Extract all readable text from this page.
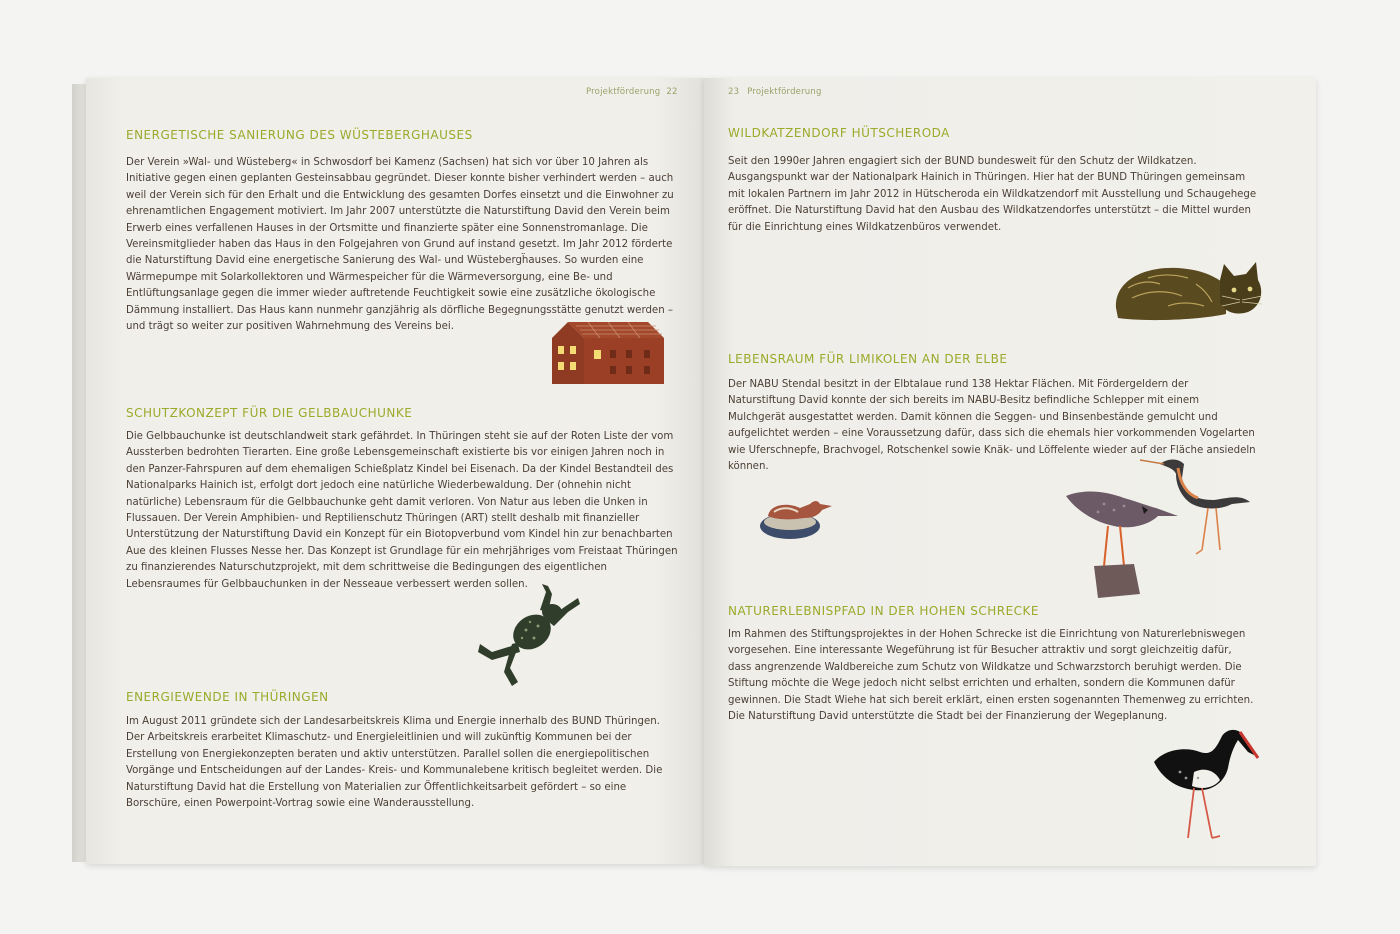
Projektförderung 22
ENERGETISCHE SANIERUNG DES WÜSTEBERGHAUSES

Der Verein »Wal- und Wüsteberg« in Schwosdorf bei Kamenz (Sachsen) hat sich vor über 10 Jahren als Initiative gegen einen geplanten Gesteinsabbau gegründet. Dieser konnte bisher verhindert werden – auch weil der Verein sich für den Erhalt und die Entwicklung des gesamten Dorfes einsetzt und die Einwohner zu ehrenamtlichen Engagement motiviert. Im Jahr 2007 unterstützte die Naturstiftung David den Verein beim Erwerb eines verfallenen Hauses in der Ortsmitte und finanzierte später eine Sonnenstromanlage. Die Vereinsmitglieder haben das Haus in den Folgejahren von Grund auf instand gesetzt. Im Jahr 2012 förderte die Naturstiftung David eine energetische Sanierung des Wal- und Wüstebergḧauses. So wurden eine Wärmepumpe mit Solarkollektoren und Wärmespeicher für die Wärmeversorgung, eine Be- und Entlüftungsanlage gegen die immer wieder auftretende Feuchtigkeit sowie eine zusätzliche ökologische Dämmung installiert. Das Haus kann nunmehr ganzjährig als dörfliche Begegnungsstätte genutzt werden – und trägt so weiter zur positiven Wahrnehmung des Vereins bei.

SCHUTZKONZEPT FÜR DIE GELBBAUCHUNKE

Die Gelbbauchunke ist deutschlandweit stark gefährdet. In Thüringen steht sie auf der Roten Liste der vom Aussterben bedrohten Tierarten. Eine große Lebensgemeinschaft existierte bis vor einigen Jahren noch in den Panzer-Fahrspuren auf dem ehemaligen Schießplatz Kindel bei Eisenach. Da der Kindel Bestandteil des Nationalparks Hainich ist, erfolgt dort jedoch eine natürliche Wiederbewaldung. Der (ohnehin nicht natürliche) Lebensraum für die Gelbbauchunke geht damit verloren. Von Natur aus leben die Unken in Flussauen. Der Verein Amphibien- und Reptilienschutz Thüringen (ART) stellt deshalb mit finanzieller Unterstützung der Naturstiftung David ein Konzept für ein Biotopverbund vom Kindel hin zur benachbarten Aue des kleinen Flusses Nesse her. Das Konzept ist Grundlage für ein mehrjähriges vom Freistaat Thüringen zu finanzierendes Naturschutzprojekt, mit dem schrittweise die Bedingungen des eigentlichen Lebensraumes für Gelbbauchunken in der Nesseaue verbessert werden sollen.

ENERGIEWENDE IN THÜRINGEN

Im August 2011 gründete sich der Landesarbeitskreis Klima und Energie innerhalb des BUND Thüringen. Der Arbeitskreis erarbeitet Klimaschutz- und Energieleitlinien und will zukünftig Kommunen bei der Erstellung von Energiekonzepten beraten und aktiv unterstützen. Parallel sollen die energiepolitischen Vorgänge und Entscheidungen auf der Landes- Kreis- und Kommunalebene kritisch begleitet werden. Die Naturstiftung David hat die Erstellung von Materialien zur Öffentlichkeitsarbeit gefördert – so eine Borschüre, einen Powerpoint-Vortrag sowie eine Wanderausstellung.

23 Projektförderung
WILDKATZENDORF HÜTSCHERODA

Seit den 1990er Jahren engagiert sich der BUND bundesweit für den Schutz der Wildkatzen. Ausgangspunkt war der Nationalpark Hainich in Thüringen. Hier hat der BUND Thüringen gemeinsam mit lokalen Partnern im Jahr 2012 in Hütscheroda ein Wildkatzendorf mit Ausstellung und Schaugehege eröffnet. Die Naturstiftung David hat den Ausbau des Wildkatzendorfes unterstützt – die Mittel wurden für die Einrichtung eines Wildkatzenbüros verwendet.

LEBENSRAUM FÜR LIMIKOLEN AN DER ELBE

Der NABU Stendal besitzt in der Elbtalaue rund 138 Hektar Flächen. Mit Fördergeldern der Naturstiftung David konnte der sich bereits im NABU-Besitz befindliche Schlepper mit einem Mulchgerät ausgestattet werden. Damit können die Seggen- und Binsenbestände gemulcht und aufgelichtet werden – eine Voraussetzung dafür, dass sich die ehemals hier vorkommenden Vogelarten wie Uferschnepfe, Brachvogel, Rotschenkel sowie Knäk- und Löffelente wieder auf der Fläche ansiedeln können.

NATURERLEBNISPFAD IN DER HOHEN SCHRECKE

Im Rahmen des Stiftungsprojektes in der Hohen Schrecke ist die Einrichtung von Naturerlebniswegen vorgesehen. Eine interessante Wegeführung ist für Besucher attraktiv und sorgt gleichzeitig dafür, dass angrenzende Waldbereiche zum Schutz von Wildkatze und Schwarzstorch beruhigt werden. Die Stiftung möchte die Wege jedoch nicht selbst errichten und erhalten, sondern die Kommunen dafür gewinnen. Die Stadt Wiehe hat sich bereit erklärt, einen ersten sogenannten Themenweg zu errichten. Die Naturstiftung David unterstützte die Stadt bei der Finanzierung der Wegeplanung.
